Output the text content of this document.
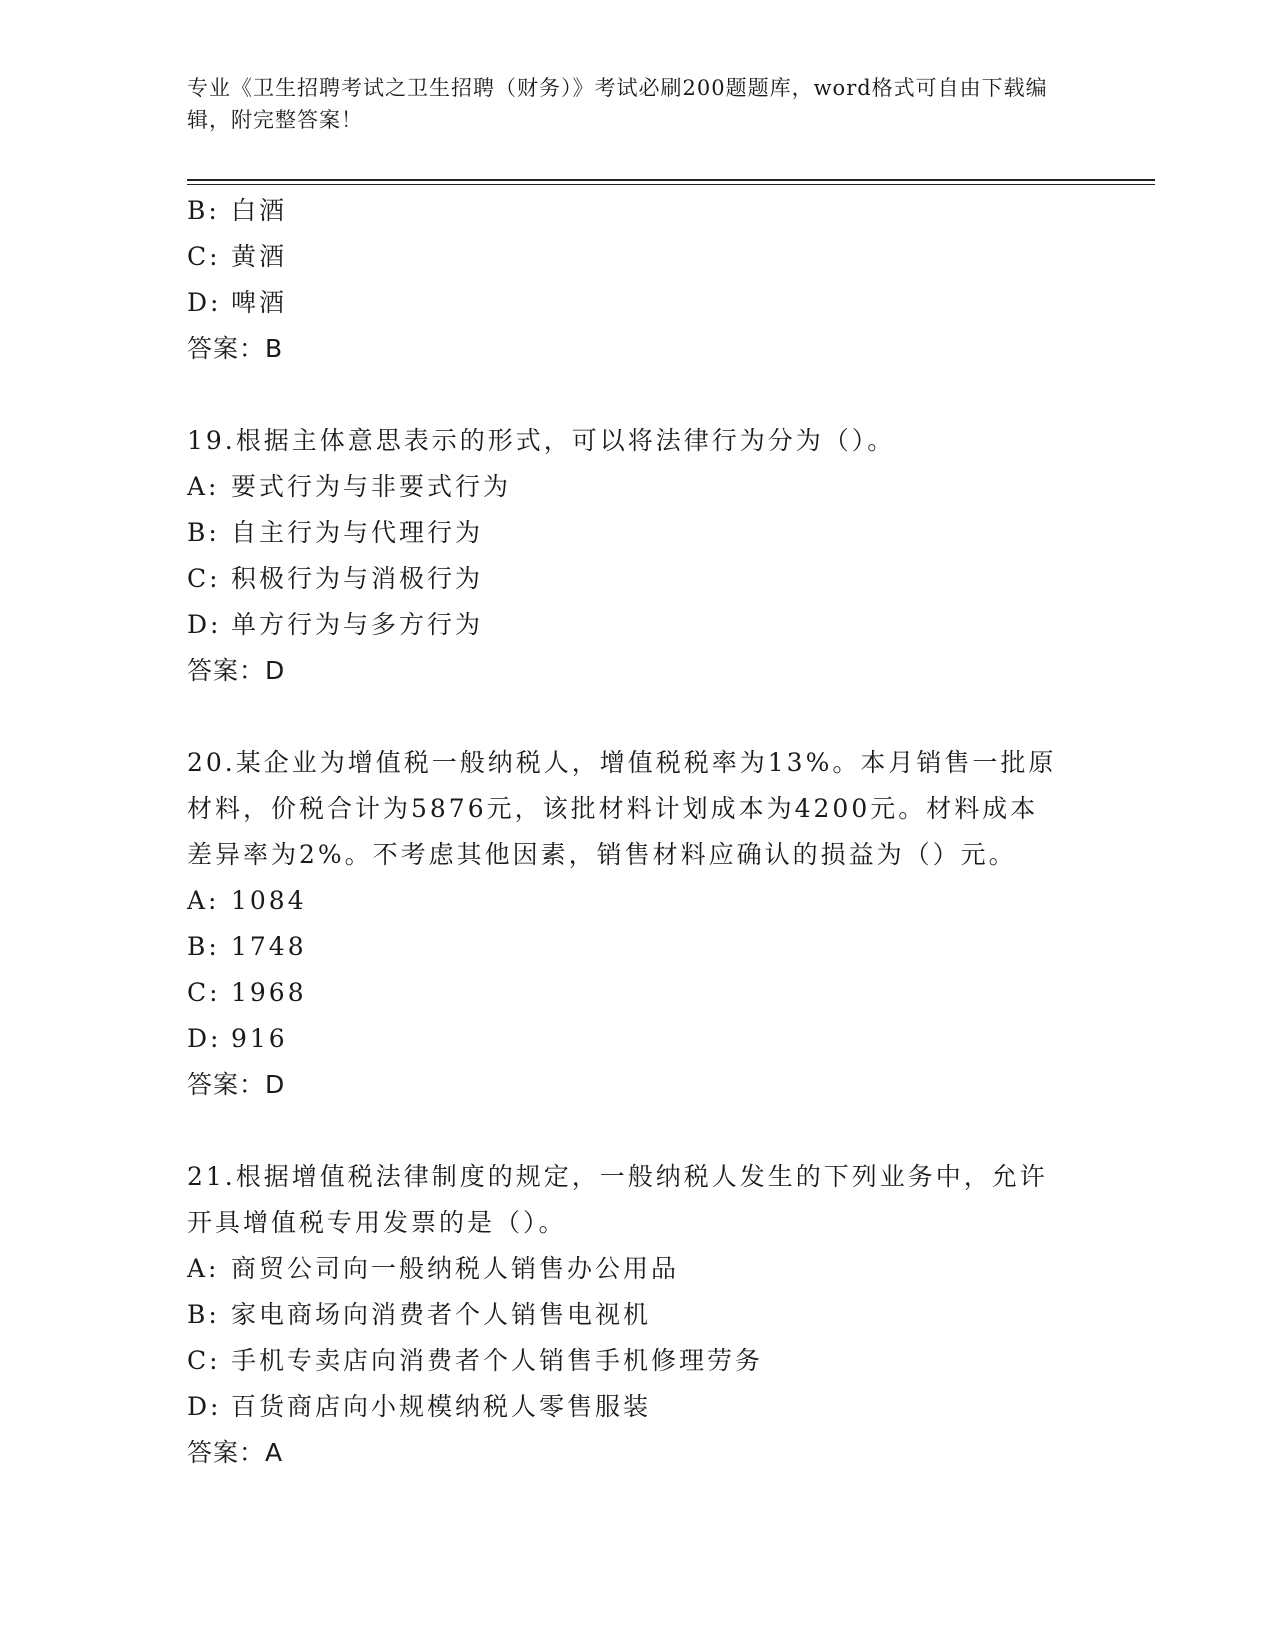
专业《卫生招聘考试之卫生招聘（财务）》考试必刷200题题库，word格式可自由下载编辑，附完整答案！
B: 白酒
C: 黄酒
D: 啤酒
答案：B
19.根据主体意思表示的形式，可以将法律行为分为（）。
A: 要式行为与非要式行为
B: 自主行为与代理行为
C: 积极行为与消极行为
D: 单方行为与多方行为
答案：D
20.某企业为增值税一般纳税人，增值税税率为13%。本月销售一批原
材料，价税合计为5876元，该批材料计划成本为4200元。材料成本
差异率为2%。不考虑其他因素，销售材料应确认的损益为（）元。
A: 1084
B: 1748
C: 1968
D: 916
答案：D
21.根据增值税法律制度的规定，一般纳税人发生的下列业务中，允许
开具增值税专用发票的是（）。
A: 商贸公司向一般纳税人销售办公用品
B: 家电商场向消费者个人销售电视机
C: 手机专卖店向消费者个人销售手机修理劳务
D: 百货商店向小规模纳税人零售服装
答案：A
